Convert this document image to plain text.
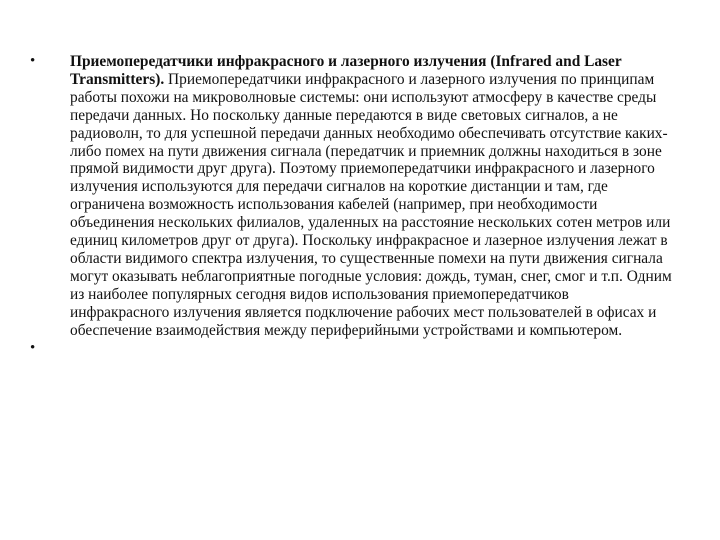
•	Приемопередатчики инфракрасного и лазерного излучения (Infrared and Laser Transmitters). Приемопередатчики инфракрасного и лазерного излучения по принципам работы похожи на микроволновые системы: они используют атмосферу в качестве среды передачи данных. Но поскольку данные передаются в виде световых сигналов, а не радиоволн, то для успешной передачи данных необходимо обеспечивать отсутствие каких-либо помех на пути движения сигнала (передатчик и приемник должны находиться в зоне прямой видимости друг друга). Поэтому приемопередатчики инфракрасного и лазерного излучения используются для передачи сигналов на короткие дистанции и там, где ограничена возможность использования кабелей (например, при необходимости объединения нескольких филиалов, удаленных на расстояние нескольких сотен метров или единиц километров друг от друга). Поскольку инфракрасное и лазерное излучения лежат в области видимого спектра излучения, то существенные помехи на пути движения сигнала могут оказывать неблагоприятные погодные условия: дождь, туман, снег, смог и т.п. Одним из наиболее популярных сегодня видов использования приемопередатчиков инфракрасного излучения является подключение рабочих мест пользователей в офисах и обеспечение взаимодействия между периферийными устройствами и компьютером.
•
